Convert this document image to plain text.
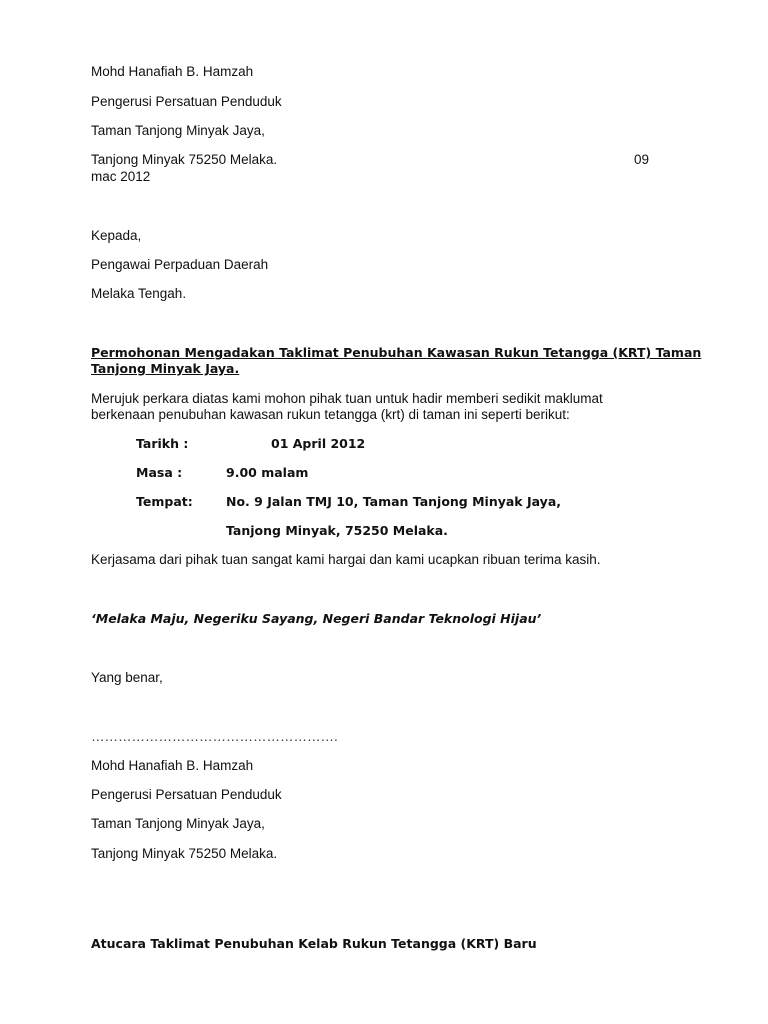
Mohd Hanafiah B. Hamzah
Pengerusi Persatuan Penduduk
Taman Tanjong Minyak Jaya,
Tanjong Minyak 75250 Melaka.	09
mac 2012
Kepada,
Pengawai Perpaduan Daerah
Melaka Tengah.
Permohonan Mengadakan Taklimat Penubuhan Kawasan Rukun Tetangga (KRT) Taman
Tanjong Minyak Jaya.
Merujuk perkara diatas kami mohon pihak tuan untuk hadir memberi sedikit maklumat
berkenaan penubuhan kawasan rukun tetangga (krt) di taman ini seperti berikut:
Tarikh :	01 April 2012
Masa :	9.00 malam
Tempat:	No. 9 Jalan TMJ 10, Taman Tanjong Minyak Jaya,
Tanjong Minyak, 75250 Melaka.
Kerjasama dari pihak tuan sangat kami hargai dan kami ucapkan ribuan terima kasih.
‘Melaka Maju, Negeriku Sayang, Negeri Bandar Teknologi Hijau’
Yang benar,
……………………………………………….
Mohd Hanafiah B. Hamzah
Pengerusi Persatuan Penduduk
Taman Tanjong Minyak Jaya,
Tanjong Minyak 75250 Melaka.
Atucara Taklimat Penubuhan Kelab Rukun Tetangga (KRT) Baru
